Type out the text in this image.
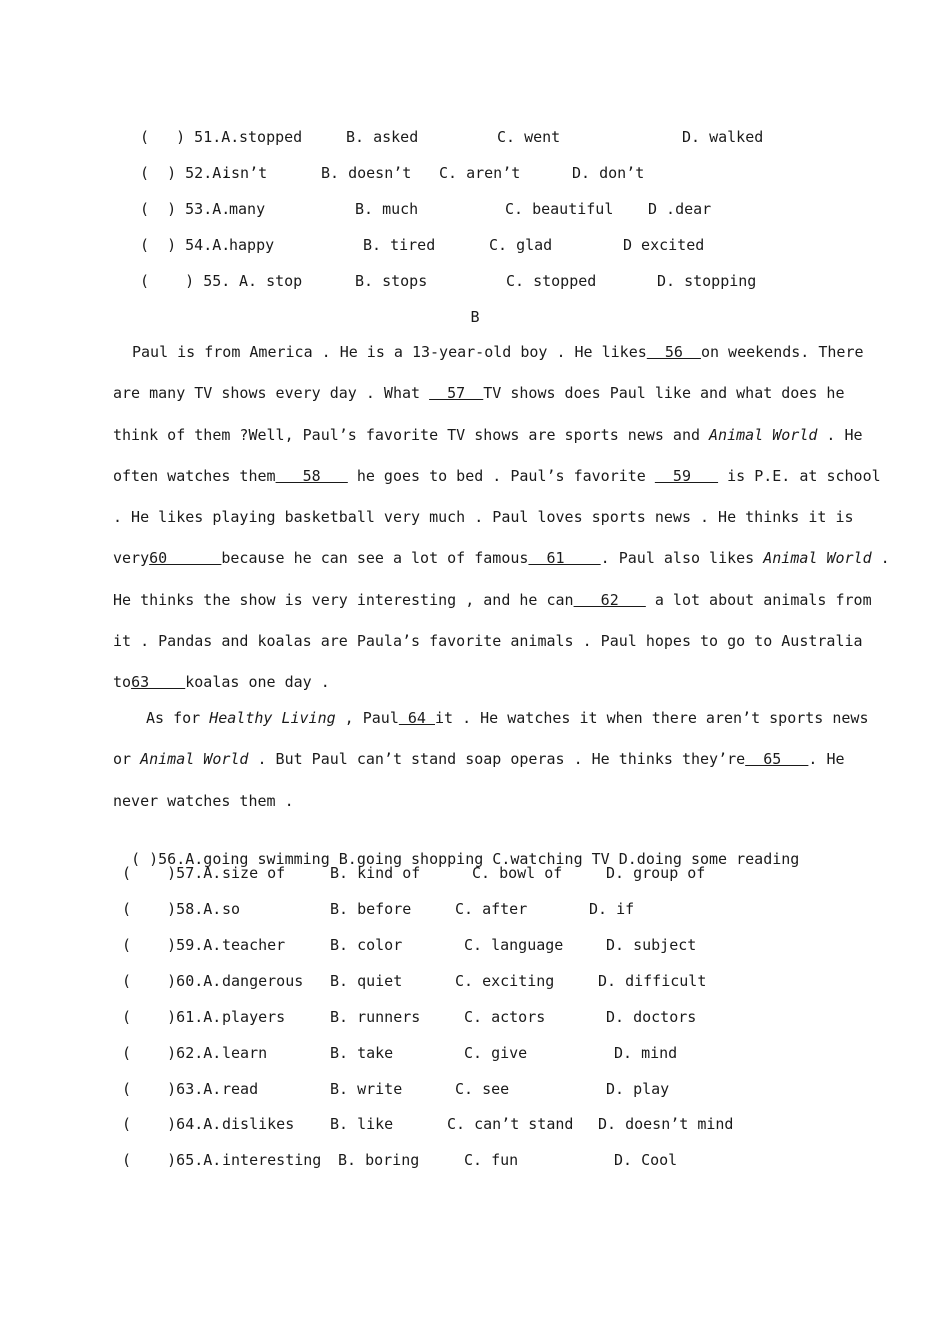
(   ) 51.A.

stopped

	B. asked

	C. went

	D. walked

(  ) 52.A.

isn’t

	B. doesn’t

C. aren’t

	D. don’t

(  ) 53.A.

many

	B. much

	C. beautiful

D .dear

(  ) 54.A.

happy

	B. tired

	C. glad

	D excited

(    ) 55.

A. stop

	B. stops

	C. stopped

	D. stopping

B
Paul is from America . He is a 13-year-old boy . He likes  56  on weekends. There
are many TV shows every day . What   57  TV shows does Paul like and what does he
think of them ?Well, Paul’s favorite TV shows are sports news and Animal World . He
often watches them   58    he goes to bed . Paul’s favorite   59    is P.E. at school
. He likes playing basketball very much . Paul loves sports news . He thinks it is
very60      because he can see a lot of famous  61    . Paul also likes Animal World .
He thinks the show is very interesting , and he can   62    a lot about animals from
it . Pandas and koalas are Paula’s favorite animals . Paul hopes to go to Australia
to63    koalas one day .
As for Healthy Living , Paul 64 it . He watches it when there aren’t sports news
or Animal World . But Paul can’t stand soap operas . He thinks they’re  65   . He
never watches them .

( )56.A.going swimming B.going shopping C.watching TV D.doing some reading

(    )57.A.

size of

	B. kind of

	C. bowl of

	D. group of

(    )58.A.

so

	B. before

	C. after

	D. if

(    )59.A.

teacher

	B. color

	C. language

	D. subject

(    )60.A.

dangerous

B. quiet

	C. exciting

	D. difficult

(    )61.A.

players

	B. runners

	C. actors

	D. doctors

(    )62.A.

learn

	B. take

	C. give

	D. mind

(    )63.A.

read

	B. write

	C. see

	D. play

(    )64.A.

dislikes

B. like

	C. can’t stand

D. doesn’t mind

(    )65.A.

interesting

B. boring

	C. fun

	D. Cool
